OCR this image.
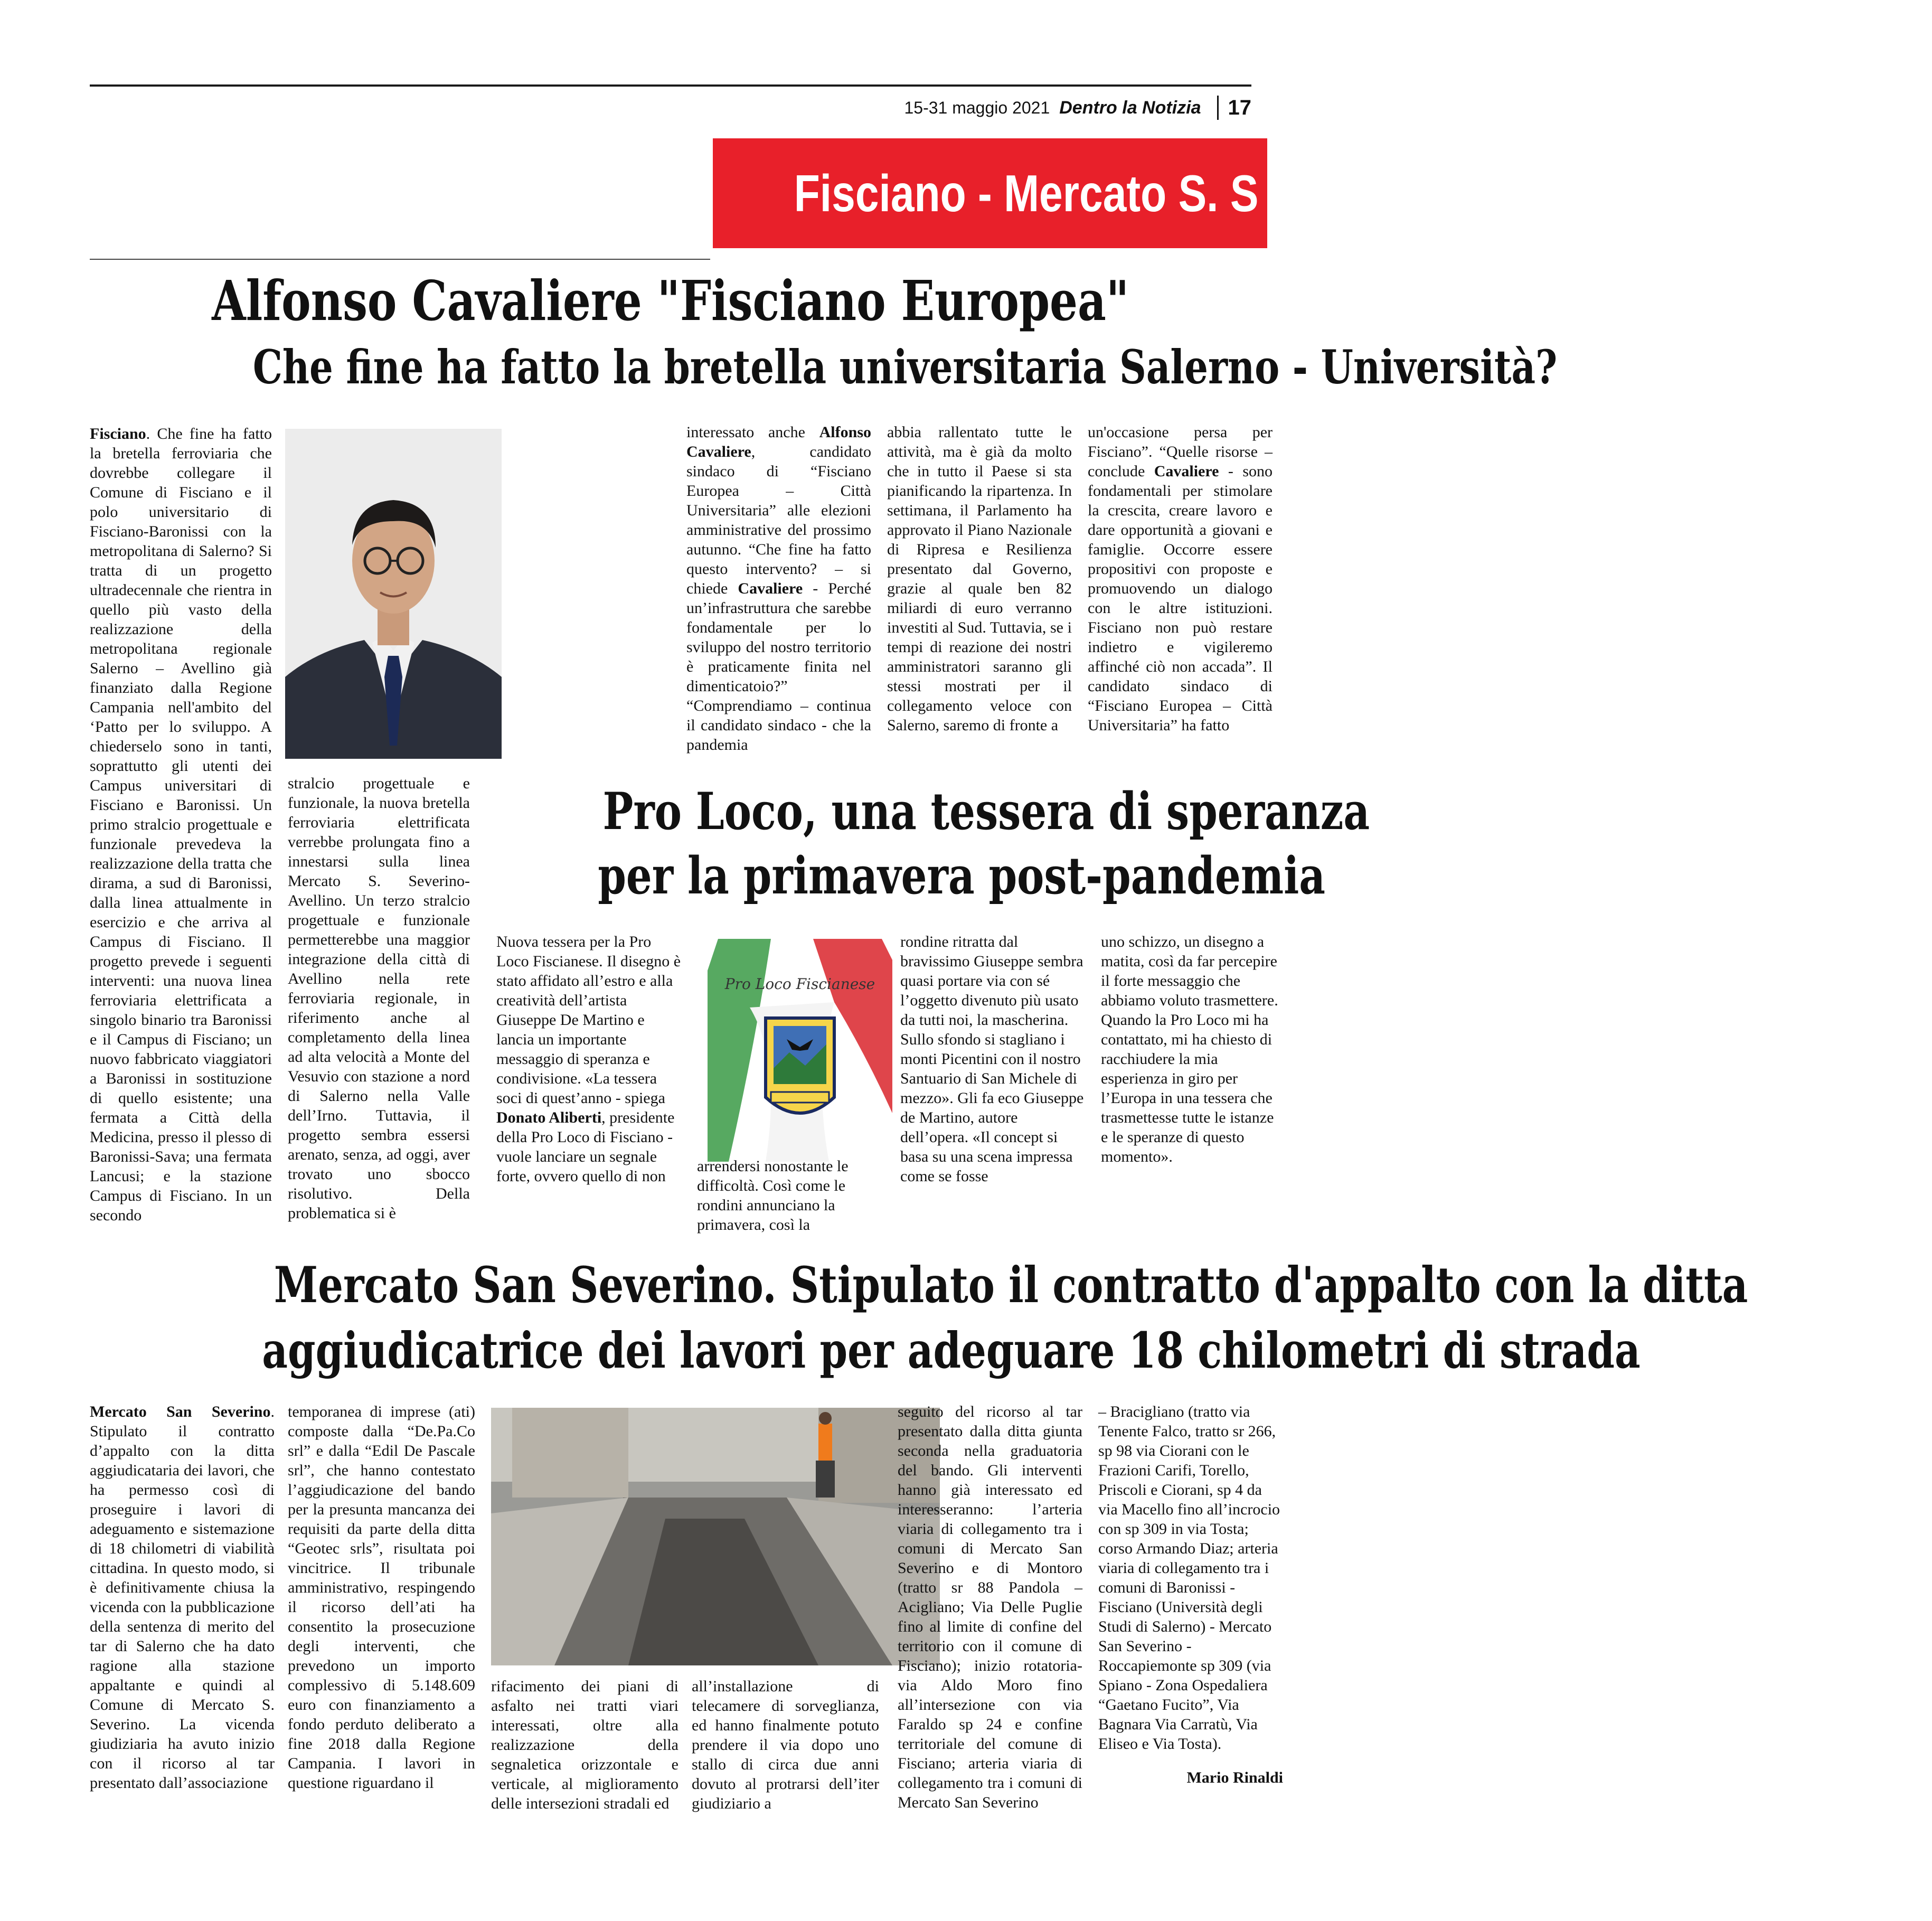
15-31 maggio 2021 Dentro la Notizia 17
Fisciano - Mercato S. S
Alfonso Cavaliere "Fisciano Europea"
Che fine ha fatto la bretella universitaria Salerno - Università?
Fisciano. Che fine ha fatto la bretella ferroviaria che dovrebbe collegare il Comune di Fisciano e il polo universitario di Fisciano-Baronissi con la metropolitana di Salerno? Si tratta di un progetto ultradecennale che rientra in quello più vasto della realizzazione della metropolitana regionale Salerno – Avellino già finanziato dalla Regione Campania nell'ambito del ‘Patto per lo sviluppo. A chiederselo sono in tanti, soprattutto gli utenti dei Campus universitari di Fisciano e Baronissi. Un primo stralcio progettuale e funzionale prevedeva la realizzazione della tratta che dirama, a sud di Baronissi, dalla linea attualmente in esercizio e che arriva al Campus di Fisciano. Il progetto prevede i seguenti interventi: una nuova linea ferroviaria elettrificata a singolo binario tra Baronissi e il Campus di Fisciano; un nuovo fabbricato viaggiatori a Baronissi in sostituzione di quello esistente; una fermata a Città della Medicina, presso il plesso di Baronissi-Sava; una fermata Lancusi; e la stazione Campus di Fisciano. In un secondo
stralcio progettuale e funzionale, la nuova bretella ferroviaria elettrificata verrebbe prolungata fino a innestarsi sulla linea Mercato S. Severino-Avellino. Un terzo stralcio progettuale e funzionale permetterebbe una maggior integrazione della città di Avellino nella rete ferroviaria regionale, in riferimento anche al completamento della linea ad alta velocità a Monte del Vesuvio con stazione a nord di Salerno nella Valle dell’Irno. Tuttavia, il progetto sembra essersi arenato, senza, ad oggi, aver trovato uno sbocco risolutivo. Della problematica si è
interessato anche Alfonso Cavaliere, candidato sindaco di “Fisciano Europea – Città Universitaria” alle elezioni amministrative del prossimo autunno. “Che fine ha fatto questo intervento? – si chiede Cavaliere - Perché un’infrastruttura che sarebbe fondamentale per lo sviluppo del nostro territorio è praticamente finita nel dimenticatoio?” “Comprendiamo – continua il candidato sindaco - che la pandemia
abbia rallentato tutte le attività, ma è già da molto che in tutto il Paese si sta pianificando la ripartenza. In settimana, il Parlamento ha approvato il Piano Nazionale di Ripresa e Resilienza presentato dal Governo, grazie al quale ben 82 miliardi di euro verranno investiti al Sud. Tuttavia, se i tempi di reazione dei nostri amministratori saranno gli stessi mostrati per il collegamento veloce con Salerno, saremo di fronte a
un'occasione persa per Fisciano”. “Quelle risorse – conclude Cavaliere - sono fondamentali per stimolare la crescita, creare lavoro e dare opportunità a giovani e famiglie. Occorre essere propositivi con proposte e promuovendo un dialogo con le altre istituzioni. Fisciano non può restare indietro e vigileremo affinché ciò non accada”. Il candidato sindaco di “Fisciano Europea – Città Universitaria” ha fatto
Pro Loco, una tessera di speranza
per la primavera post-pandemia
Nuova tessera per la Pro Loco Fiscianese. Il disegno è stato affidato all’estro e alla creatività dell’artista Giuseppe De Martino e lancia un importante messaggio di speranza e condivisione. «La tessera soci di quest’anno - spiega Donato Aliberti, presidente della Pro Loco di Fisciano - vuole lanciare un segnale forte, ovvero quello di non
Pro Loco Fiscianese
arrendersi nonostante le difficoltà. Così come le rondini annunciano la primavera, così la
rondine ritratta dal bravissimo Giuseppe sembra quasi portare via con sé l’oggetto divenuto più usato da tutti noi, la mascherina. Sullo sfondo si stagliano i monti Picentini con il nostro Santuario di San Michele di mezzo». Gli fa eco Giuseppe de Martino, autore dell’opera. «Il concept si basa su una scena impressa come se fosse
uno schizzo, un disegno a matita, così da far percepire il forte messaggio che abbiamo voluto trasmettere. Quando la Pro Loco mi ha contattato, mi ha chiesto di racchiudere la mia esperienza in giro per l’Europa in una tessera che trasmettesse tutte le istanze e le speranze di questo momento».
Mercato San Severino. Stipulato il contratto d'appalto con la ditta
aggiudicatrice dei lavori per adeguare 18 chilometri di strada
Mercato San Severino. Stipulato il contratto d’appalto con la ditta aggiudicataria dei lavori, che ha permesso così di proseguire i lavori di adeguamento e sistemazione di 18 chilometri di viabilità cittadina. In questo modo, si è definitivamente chiusa la vicenda con la pubblicazione della sentenza di merito del tar di Salerno che ha dato ragione alla stazione appaltante e quindi al Comune di Mercato S. Severino. La vicenda giudiziaria ha avuto inizio con il ricorso al tar presentato dall’associazione
temporanea di imprese (ati) composte dalla “De.Pa.Co srl” e dalla “Edil De Pascale srl”, che hanno contestato l’aggiudicazione del bando per la presunta mancanza dei requisiti da parte della ditta “Geotec srls”, risultata poi vincitrice. Il tribunale amministrativo, respingendo il ricorso dell’ati ha consentito la prosecuzione degli interventi, che prevedono un importo complessivo di 5.148.609 euro con finanziamento a fondo perduto deliberato a fine 2018 dalla Regione Campania. I lavori in questione riguardano il
rifacimento dei piani di asfalto nei tratti viari interessati, oltre alla realizzazione della segnaletica orizzontale e verticale, al miglioramento delle intersezioni stradali ed
all’installazione di telecamere di sorveglianza, ed hanno finalmente potuto prendere il via dopo uno stallo di circa due anni dovuto al protrarsi dell’iter giudiziario a
seguito del ricorso al tar presentato dalla ditta giunta seconda nella graduatoria del bando. Gli interventi hanno già interessato ed interesseranno: l’arteria viaria di collegamento tra i comuni di Mercato San Severino e di Montoro (tratto sr 88 Pandola – Acigliano; Via Delle Puglie fino al limite di confine del territorio con il comune di Fisciano); inizio rotatoria- via Aldo Moro fino all’intersezione con via Faraldo sp 24 e confine territoriale del comune di Fisciano; arteria viaria di collegamento tra i comuni di Mercato San Severino
– Bracigliano (tratto via Tenente Falco, tratto sr 266, sp 98 via Ciorani con le Frazioni Carifi, Torello, Priscoli e Ciorani, sp 4 da via Macello fino all’incrocio con sp 309 in via Tosta; corso Armando Diaz; arteria viaria di collegamento tra i comuni di Baronissi - Fisciano (Università degli Studi di Salerno) - Mercato San Severino - Roccapiemonte sp 309 (via Spiano - Zona Ospedaliera “Gaetano Fucito”, Via Bagnara Via Carratù, Via Eliseo e Via Tosta).
Mario Rinaldi
